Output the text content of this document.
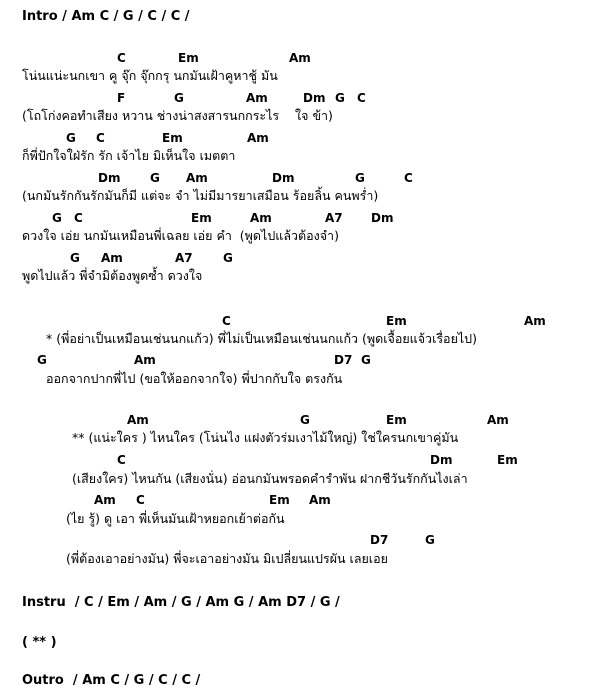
Intro / Am C / G / C / C /
C	Em	Am
โน่นแน่ะนกเขา คู จุ๊ก จุ๊กกรุ นกมันเฝ้าคูหาชู้ มัน
F	G	Am	Dm G C
(โถโก่งคอทำเสียง หวาน ช่างน่าสงสารนกกระไร    ใจ ข้า)
G C	Em	Am
ก็พี่ปักใจใฝ่รัก รัก เจ้าไย มิเห็นใจ เมตตา
Dm G Am	Dm	G	C
(นกมันรักกันรักมันก็มี แต่จะ จำ ไม่มีมารยาเสมือน ร้อยลิ้น คนพร่ำ)
G C	Em	Am	A7 Dm
ดวงใจ เอ่ย นกมันเหมือนพี่เฉลย เอ่ย คำ  (พูดไปแล้วต้องจำ)
G Am	A7	G
พูดไปแล้ว พี่จำมิต้องพูดซ้ำ ดวงใจ
C	Em	Am
* (พี่อย่าเป็นเหมือนเช่นนกแก้ว) พี่ไม่เป็นเหมือนเช่นนกแก้ว (พูดเจื้อยแจ้วเรื่อยไป)
G	Am	D7 G
ออกจากปากพี่ไป (ขอให้ออกจากใจ) พี่ปากกับใจ ตรงกัน
Am	G	Em	Am
** (แน่ะใคร ) ไหนใคร (โน่นไง แฝงตัวร่มเงาไม้ใหญ่) ใช่ใครนกเขาคู่มัน
C	Dm	Em
(เสียงใคร) ไหนกัน (เสียงนั่น) อ่อนกมันพรอดคำรำพัน ฝากชีวันรักกันไงเล่า
Am C	Em Am
(ไย รู้) ดู เอา พี่เห็นมันเฝ้าหยอกเย้าต่อกัน
D7	G
(พี่ต้องเอาอย่างมัน) พี่จะเอาอย่างมัน มิเปลี่ยนแปรผัน เลยเอย
Instru  / C / Em / Am / G / Am G / Am D7 / G /
( ** )
Outro  / Am C / G / C / C /
